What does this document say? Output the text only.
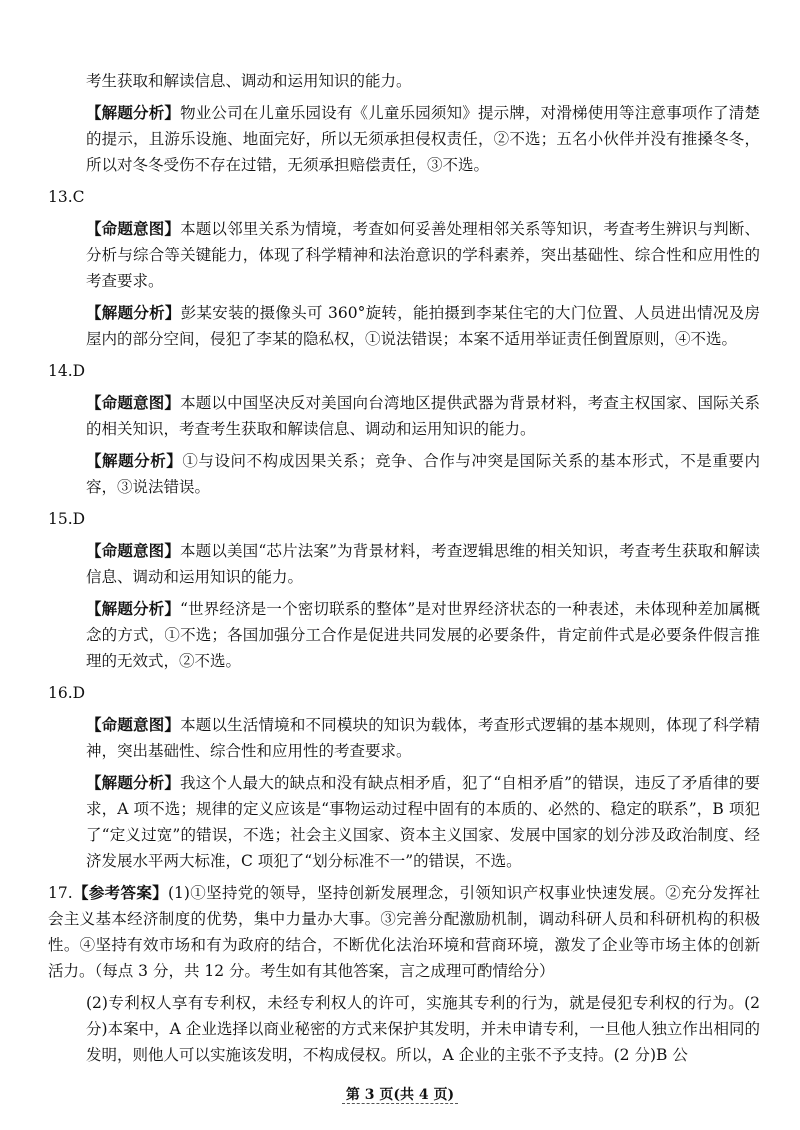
考生获取和解读信息、调动和运用知识的能力。

【解题分析】物业公司在儿童乐园设有《儿童乐园须知》提示牌，对滑梯使用等注意事项作了清楚的提示，且游乐设施、地面完好，所以无须承担侵权责任，②不选；五名小伙伴并没有推搡冬冬，所以对冬冬受伤不存在过错，无须承担赔偿责任，③不选。

13.C

【命题意图】本题以邻里关系为情境，考查如何妥善处理相邻关系等知识，考查考生辨识与判断、分析与综合等关键能力，体现了科学精神和法治意识的学科素养，突出基础性、综合性和应用性的考查要求。

【解题分析】彭某安装的摄像头可 360°旋转，能拍摄到李某住宅的大门位置、人员进出情况及房屋内的部分空间，侵犯了李某的隐私权，①说法错误；本案不适用举证责任倒置原则，④不选。

14.D

【命题意图】本题以中国坚决反对美国向台湾地区提供武器为背景材料，考查主权国家、国际关系的相关知识，考查考生获取和解读信息、调动和运用知识的能力。

【解题分析】①与设问不构成因果关系；竞争、合作与冲突是国际关系的基本形式，不是重要内容，③说法错误。

15.D

【命题意图】本题以美国“芯片法案”为背景材料，考查逻辑思维的相关知识，考查考生获取和解读信息、调动和运用知识的能力。

【解题分析】“世界经济是一个密切联系的整体”是对世界经济状态的一种表述，未体现种差加属概念的方式，①不选；各国加强分工合作是促进共同发展的必要条件，肯定前件式是必要条件假言推理的无效式，②不选。

16.D

【命题意图】本题以生活情境和不同模块的知识为载体，考查形式逻辑的基本规则，体现了科学精神，突出基础性、综合性和应用性的考查要求。

【解题分析】我这个人最大的缺点和没有缺点相矛盾，犯了“自相矛盾”的错误，违反了矛盾律的要求，A 项不选；规律的定义应该是“事物运动过程中固有的本质的、必然的、稳定的联系”，B 项犯了“定义过宽”的错误，不选；社会主义国家、资本主义国家、发展中国家的划分涉及政治制度、经济发展水平两大标准，C 项犯了“划分标准不一”的错误，不选。

17.【参考答案】(1)①坚持党的领导，坚持创新发展理念，引领知识产权事业快速发展。②充分发挥社会主义基本经济制度的优势，集中力量办大事。③完善分配激励机制，调动科研人员和科研机构的积极性。④坚持有效市场和有为政府的结合，不断优化法治环境和营商环境，激发了企业等市场主体的创新活力。（每点 3 分，共 12 分。考生如有其他答案，言之成理可酌情给分）

(2)专利权人享有专利权，未经专利权人的许可，实施其专利的行为，就是侵犯专利权的行为。(2 分)本案中，A 企业选择以商业秘密的方式来保护其发明，并未申请专利，一旦他人独立作出相同的发明，则他人可以实施该发明，不构成侵权。所以，A 企业的主张不予支持。(2 分)B 公

第 3 页(共 4 页)
